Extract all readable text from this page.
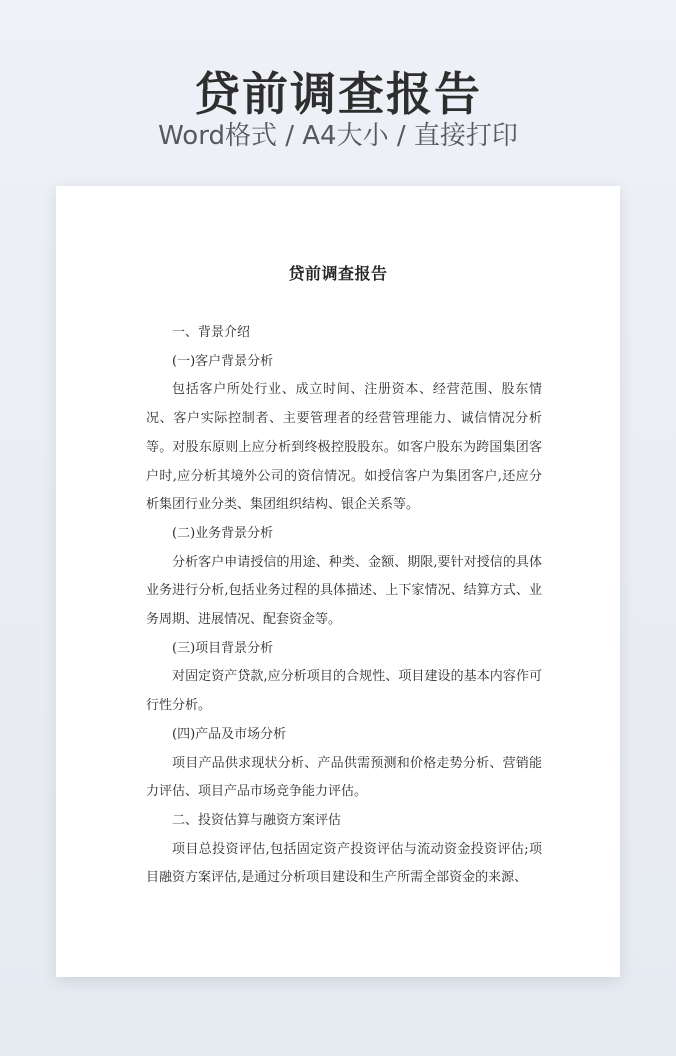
贷前调查报告
Word格式 / A4大小 / 直接打印
贷前调查报告

一、背景介绍

(一)客户背景分析

包括客户所处行业、成立时间、注册资本、经营范围、股东情况、客户实际控制者、主要管理者的经营管理能力、诚信情况分析等。对股东原则上应分析到终极控股股东。如客户股东为跨国集团客户时,应分析其境外公司的资信情况。如授信客户为集团客户,还应分析集团行业分类、集团组织结构、银企关系等。

(二)业务背景分析

分析客户申请授信的用途、种类、金额、期限,要针对授信的具体业务进行分析,包括业务过程的具体描述、上下家情况、结算方式、业务周期、进展情况、配套资金等。

(三)项目背景分析

对固定资产贷款,应分析项目的合规性、项目建设的基本内容作可行性分析。

(四)产品及市场分析

项目产品供求现状分析、产品供需预测和价格走势分析、营销能力评估、项目产品市场竞争能力评估。

二、投资估算与融资方案评估

项目总投资评估,包括固定资产投资评估与流动资金投资评估;项目融资方案评估,是通过分析项目建设和生产所需全部资金的来源、
